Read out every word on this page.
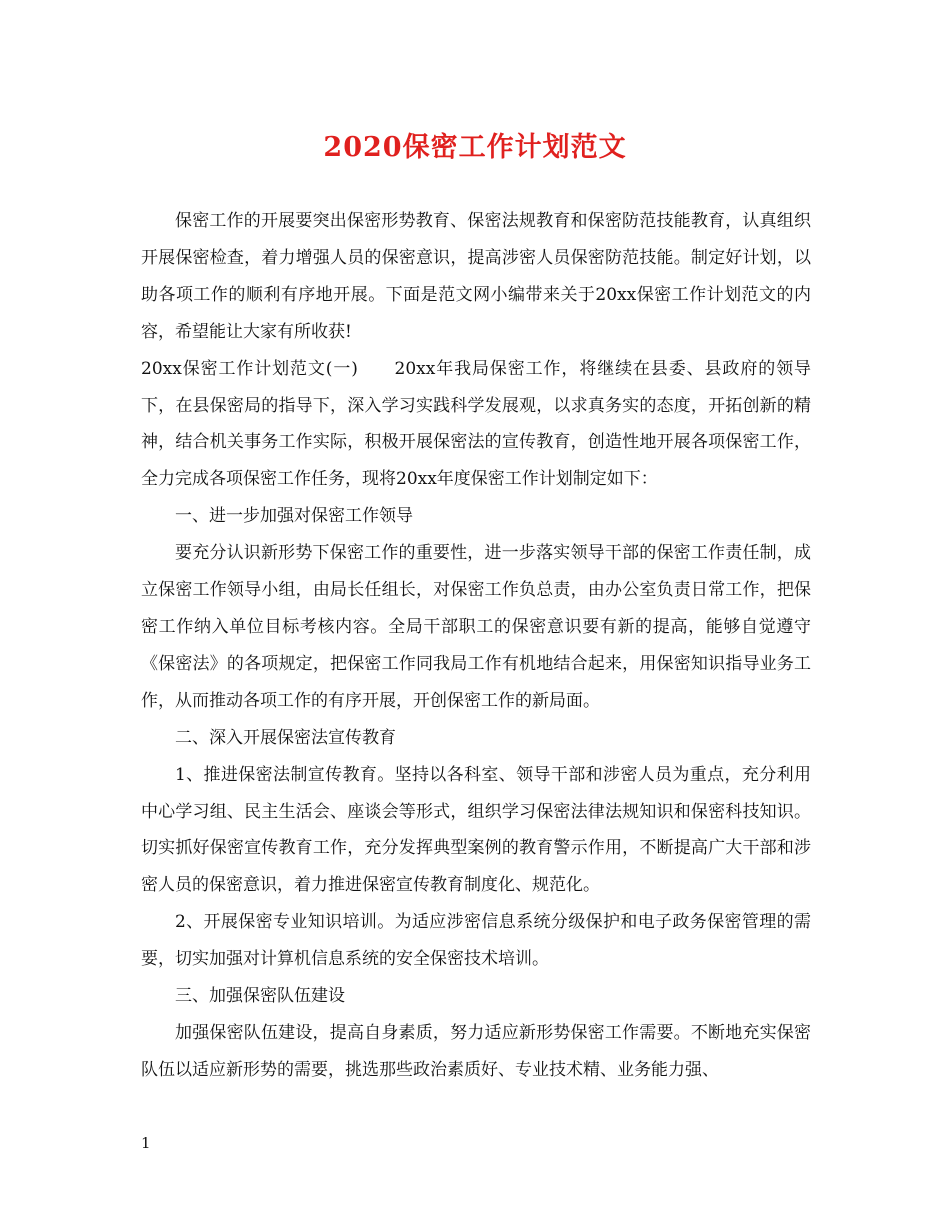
2020保密工作计划范文

保密工作的开展要突出保密形势教育、保密法规教育和保密防范技能教育，认真组织开展保密检查，着力增强人员的保密意识，提高涉密人员保密防范技能。制定好计划，以助各项工作的顺利有序地开展。下面是范文网小编带来关于20xx保密工作计划范文的内容，希望能让大家有所收获!

20xx保密工作计划范文(一)　　20xx年我局保密工作，将继续在县委、县政府的领导下，在县保密局的指导下，深入学习实践科学发展观，以求真务实的态度，开拓创新的精神，结合机关事务工作实际，积极开展保密法的宣传教育，创造性地开展各项保密工作，全力完成各项保密工作任务，现将20xx年度保密工作计划制定如下：

一、进一步加强对保密工作领导

要充分认识新形势下保密工作的重要性，进一步落实领导干部的保密工作责任制，成立保密工作领导小组，由局长任组长，对保密工作负总责，由办公室负责日常工作，把保密工作纳入单位目标考核内容。全局干部职工的保密意识要有新的提高，能够自觉遵守《保密法》的各项规定，把保密工作同我局工作有机地结合起来，用保密知识指导业务工作，从而推动各项工作的有序开展，开创保密工作的新局面。

二、深入开展保密法宣传教育

1、推进保密法制宣传教育。坚持以各科室、领导干部和涉密人员为重点，充分利用中心学习组、民主生活会、座谈会等形式，组织学习保密法律法规知识和保密科技知识。切实抓好保密宣传教育工作，充分发挥典型案例的教育警示作用，不断提高广大干部和涉密人员的保密意识，着力推进保密宣传教育制度化、规范化。

2、开展保密专业知识培训。为适应涉密信息系统分级保护和电子政务保密管理的需要，切实加强对计算机信息系统的安全保密技术培训。

三、加强保密队伍建设

加强保密队伍建设，提高自身素质，努力适应新形势保密工作需要。不断地充实保密队伍以适应新形势的需要，挑选那些政治素质好、专业技术精、业务能力强、

1
